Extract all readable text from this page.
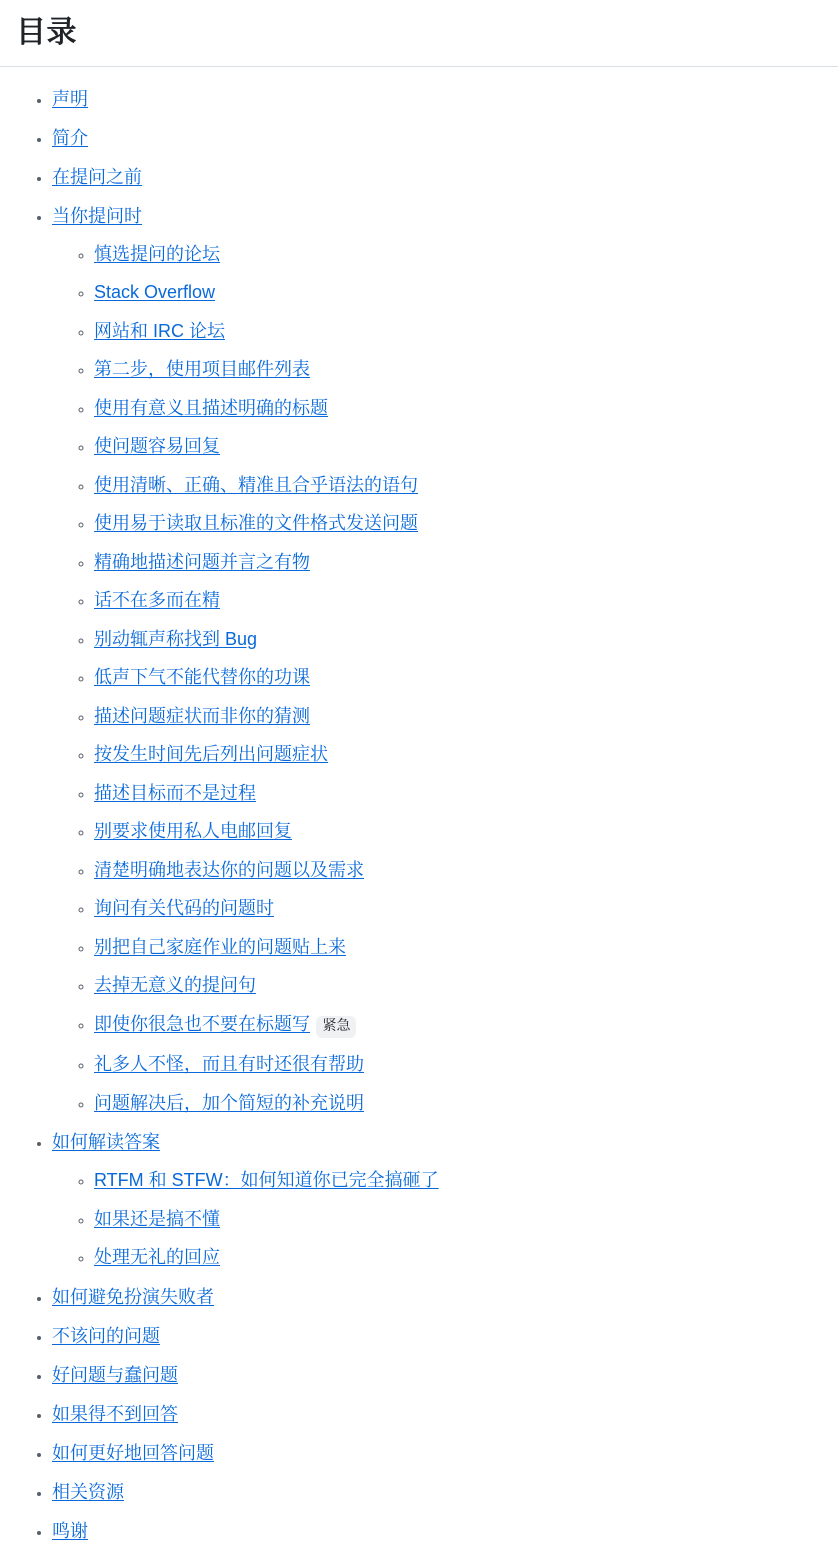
目录
• 声明
• 简介
• 在提问之前
• 当你提问时
◦ 慎选提问的论坛
◦ Stack Overflow
◦ 网站和 IRC 论坛
◦ 第二步，使用项目邮件列表
◦ 使用有意义且描述明确的标题
◦ 使问题容易回复
◦ 使用清晰、正确、精准且合乎语法的语句
◦ 使用易于读取且标准的文件格式发送问题
◦ 精确地描述问题并言之有物
◦ 话不在多而在精
◦ 别动辄声称找到 Bug
◦ 低声下气不能代替你的功课
◦ 描述问题症状而非你的猜测
◦ 按发生时间先后列出问题症状
◦ 描述目标而不是过程
◦ 别要求使用私人电邮回复
◦ 清楚明确地表达你的问题以及需求
◦ 询问有关代码的问题时
◦ 别把自己家庭作业的问题贴上来
◦ 去掉无意义的提问句
◦ 即使你很急也不要在标题写 紧急
◦ 礼多人不怪，而且有时还很有帮助
◦ 问题解决后，加个简短的补充说明
• 如何解读答案
◦ RTFM 和 STFW：如何知道你已完全搞砸了
◦ 如果还是搞不懂
◦ 处理无礼的回应
• 如何避免扮演失败者
• 不该问的问题
• 好问题与蠢问题
• 如果得不到回答
• 如何更好地回答问题
• 相关资源
• 鸣谢
